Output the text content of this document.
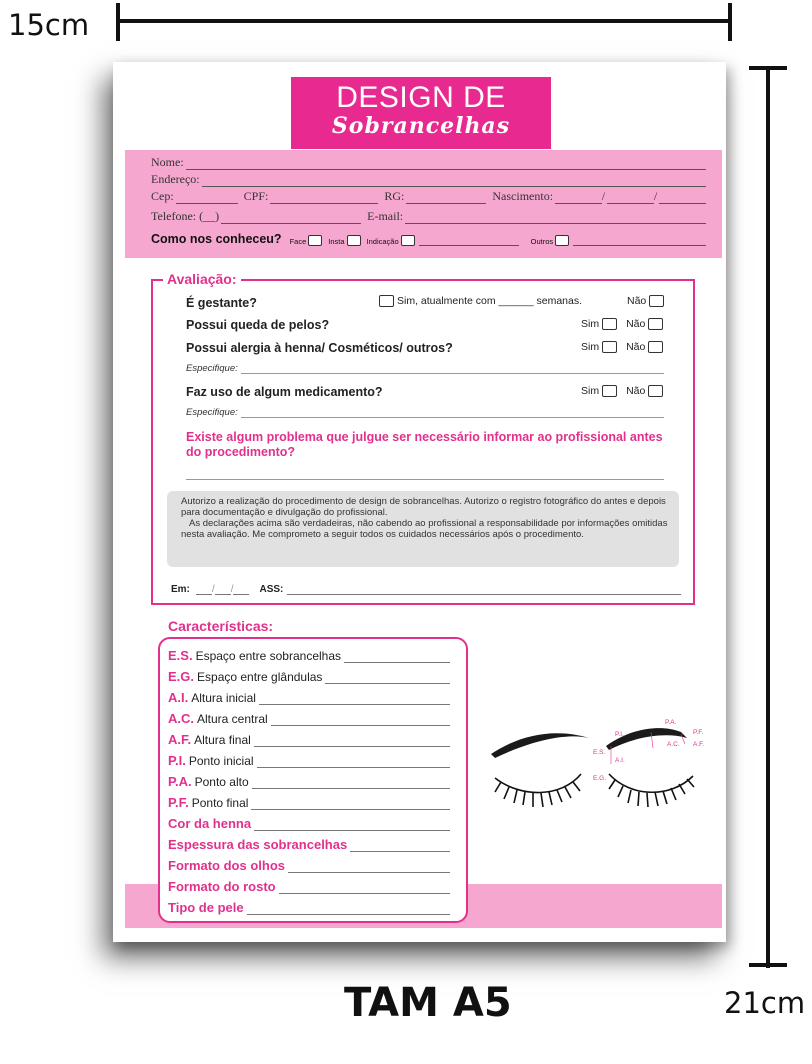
15cm
TAM A5	21cm
DESIGN DE
Sobrancelhas
Nome:
Endereço:
Cep:	CPF:	RG:	Nascimento:	/	/
Telefone: (__)	E-mail:
Como nos conheceu? Face	Insta	Indicação	Outros
Avaliação:
É gestante?	Sim, atualmente com ______ semanas.	Não
Possui queda de pelos?	Sim	Não
Possui alergia à henna/ Cosméticos/ outros?	Sim	Não
Especifique:
Faz uso de algum medicamento?	Sim	Não
Especifique:
Existe algum problema que julgue ser necessário informar ao profissional antes do procedimento?

Autorizo a realização do procedimento de design de sobrancelhas. Autorizo o registro fotográfico do antes e depois para documentação e divulgação do profissional.

As declarações acima são verdadeiras, não cabendo ao profissional a responsabilidade por informações omitidas nesta avaliação. Me comprometo a seguir todos os cuidados necessários após o procedimento.

Em: / /	ASS:
Características:
E.S. Espaço entre sobrancelhas
E.G. Espaço entre glândulas
A.I. Altura inicial
A.C. Altura central
A.F. Altura final
P.I. Ponto inicial
P.A. Ponto alto
P.F. Ponto final
Cor da henna
Espessura das sobrancelhas
Formato dos olhos
Formato do rosto
Tipo de pele
P.A.
P.I.	P.F.
A.C. A.F.
E.S.
A.I.
E.G.
